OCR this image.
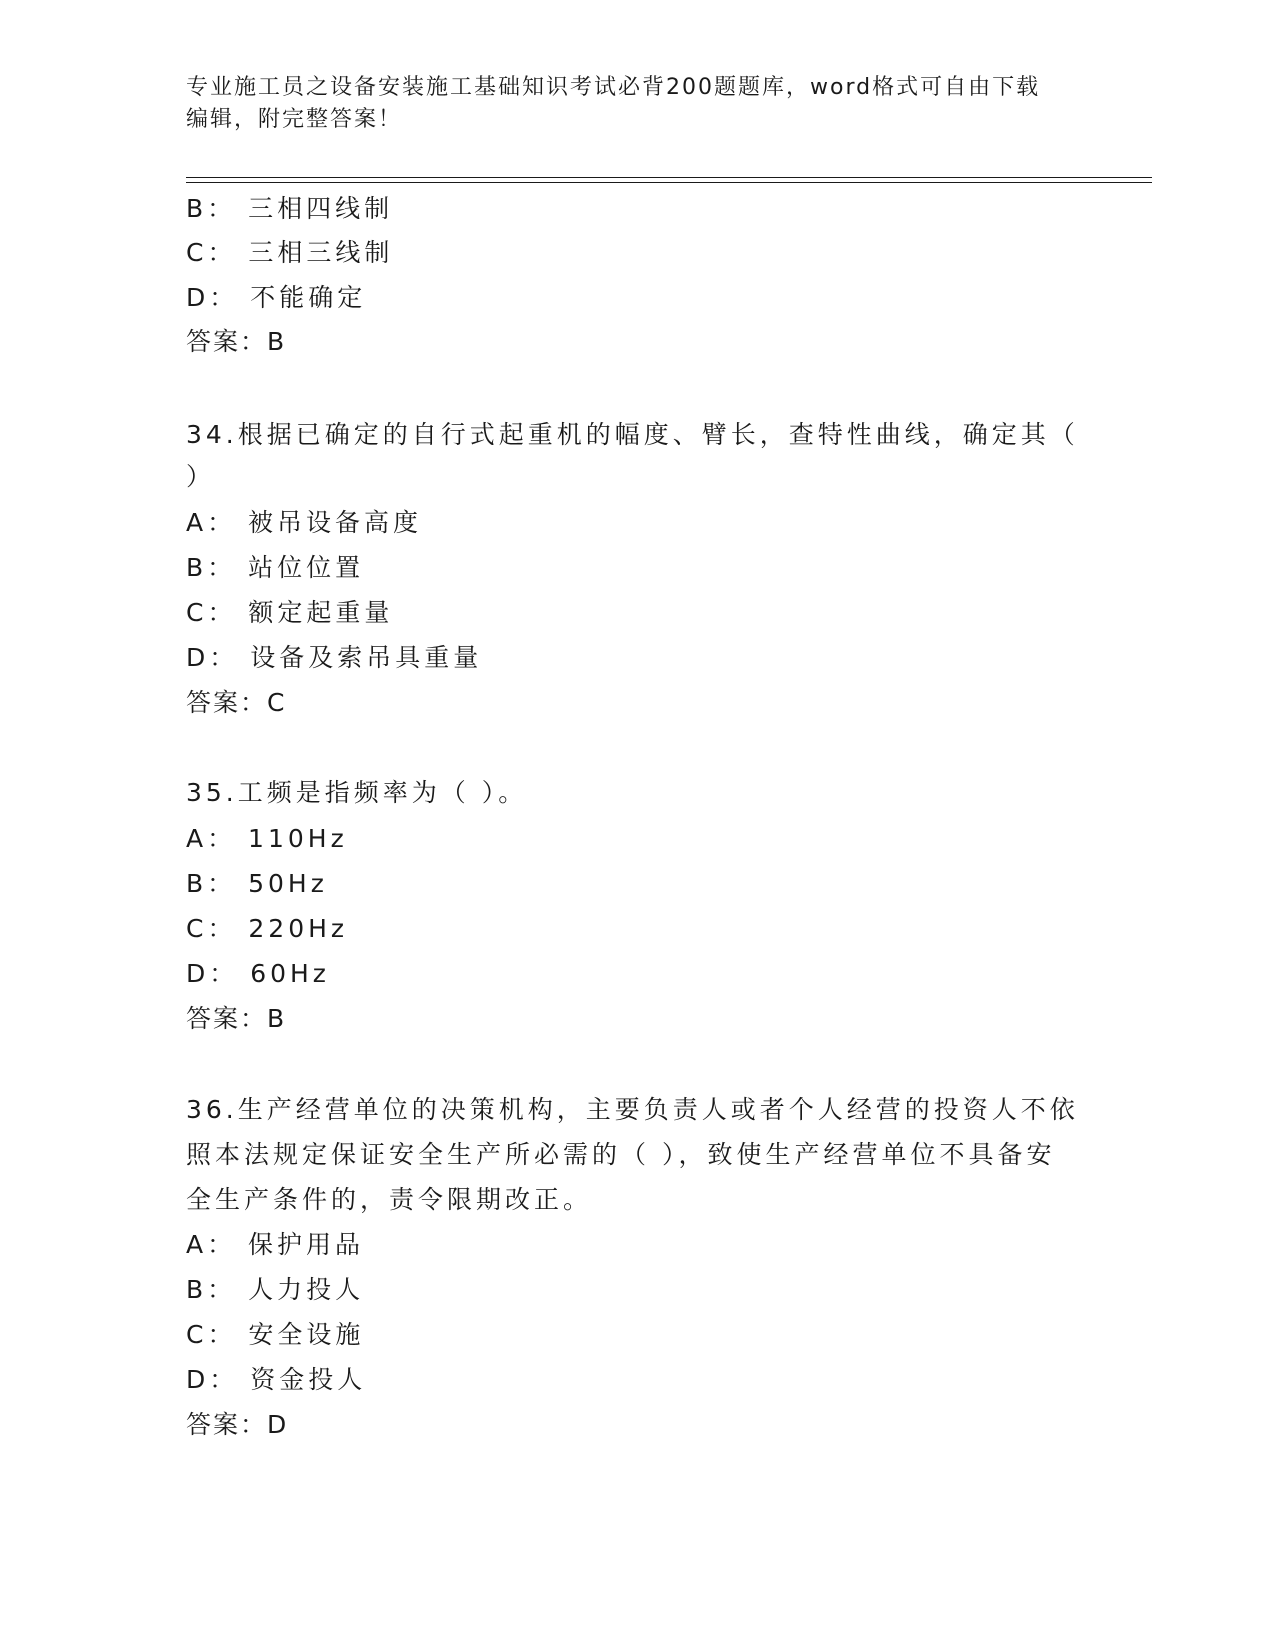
专业施工员之设备安装施工基础知识考试必背200题题库，word格式可自由下载
编辑，附完整答案！
B： 三相四线制
C： 三相三线制
D： 不能确定
答案：B
34.根据已确定的自行式起重机的幅度、臂长，查特性曲线，确定其（
）
A： 被吊设备高度
B： 站位位置
C： 额定起重量
D： 设备及索吊具重量
答案：C
35.工频是指频率为（ ）。
A： 110Hz
B： 50Hz
C： 220Hz
D： 60Hz
答案：B
36.生产经营单位的决策机构，主要负责人或者个人经营的投资人不依
照本法规定保证安全生产所必需的（ ），致使生产经营单位不具备安
全生产条件的，责令限期改正。
A： 保护用品
B： 人力投人
C： 安全设施
D： 资金投人
答案：D
